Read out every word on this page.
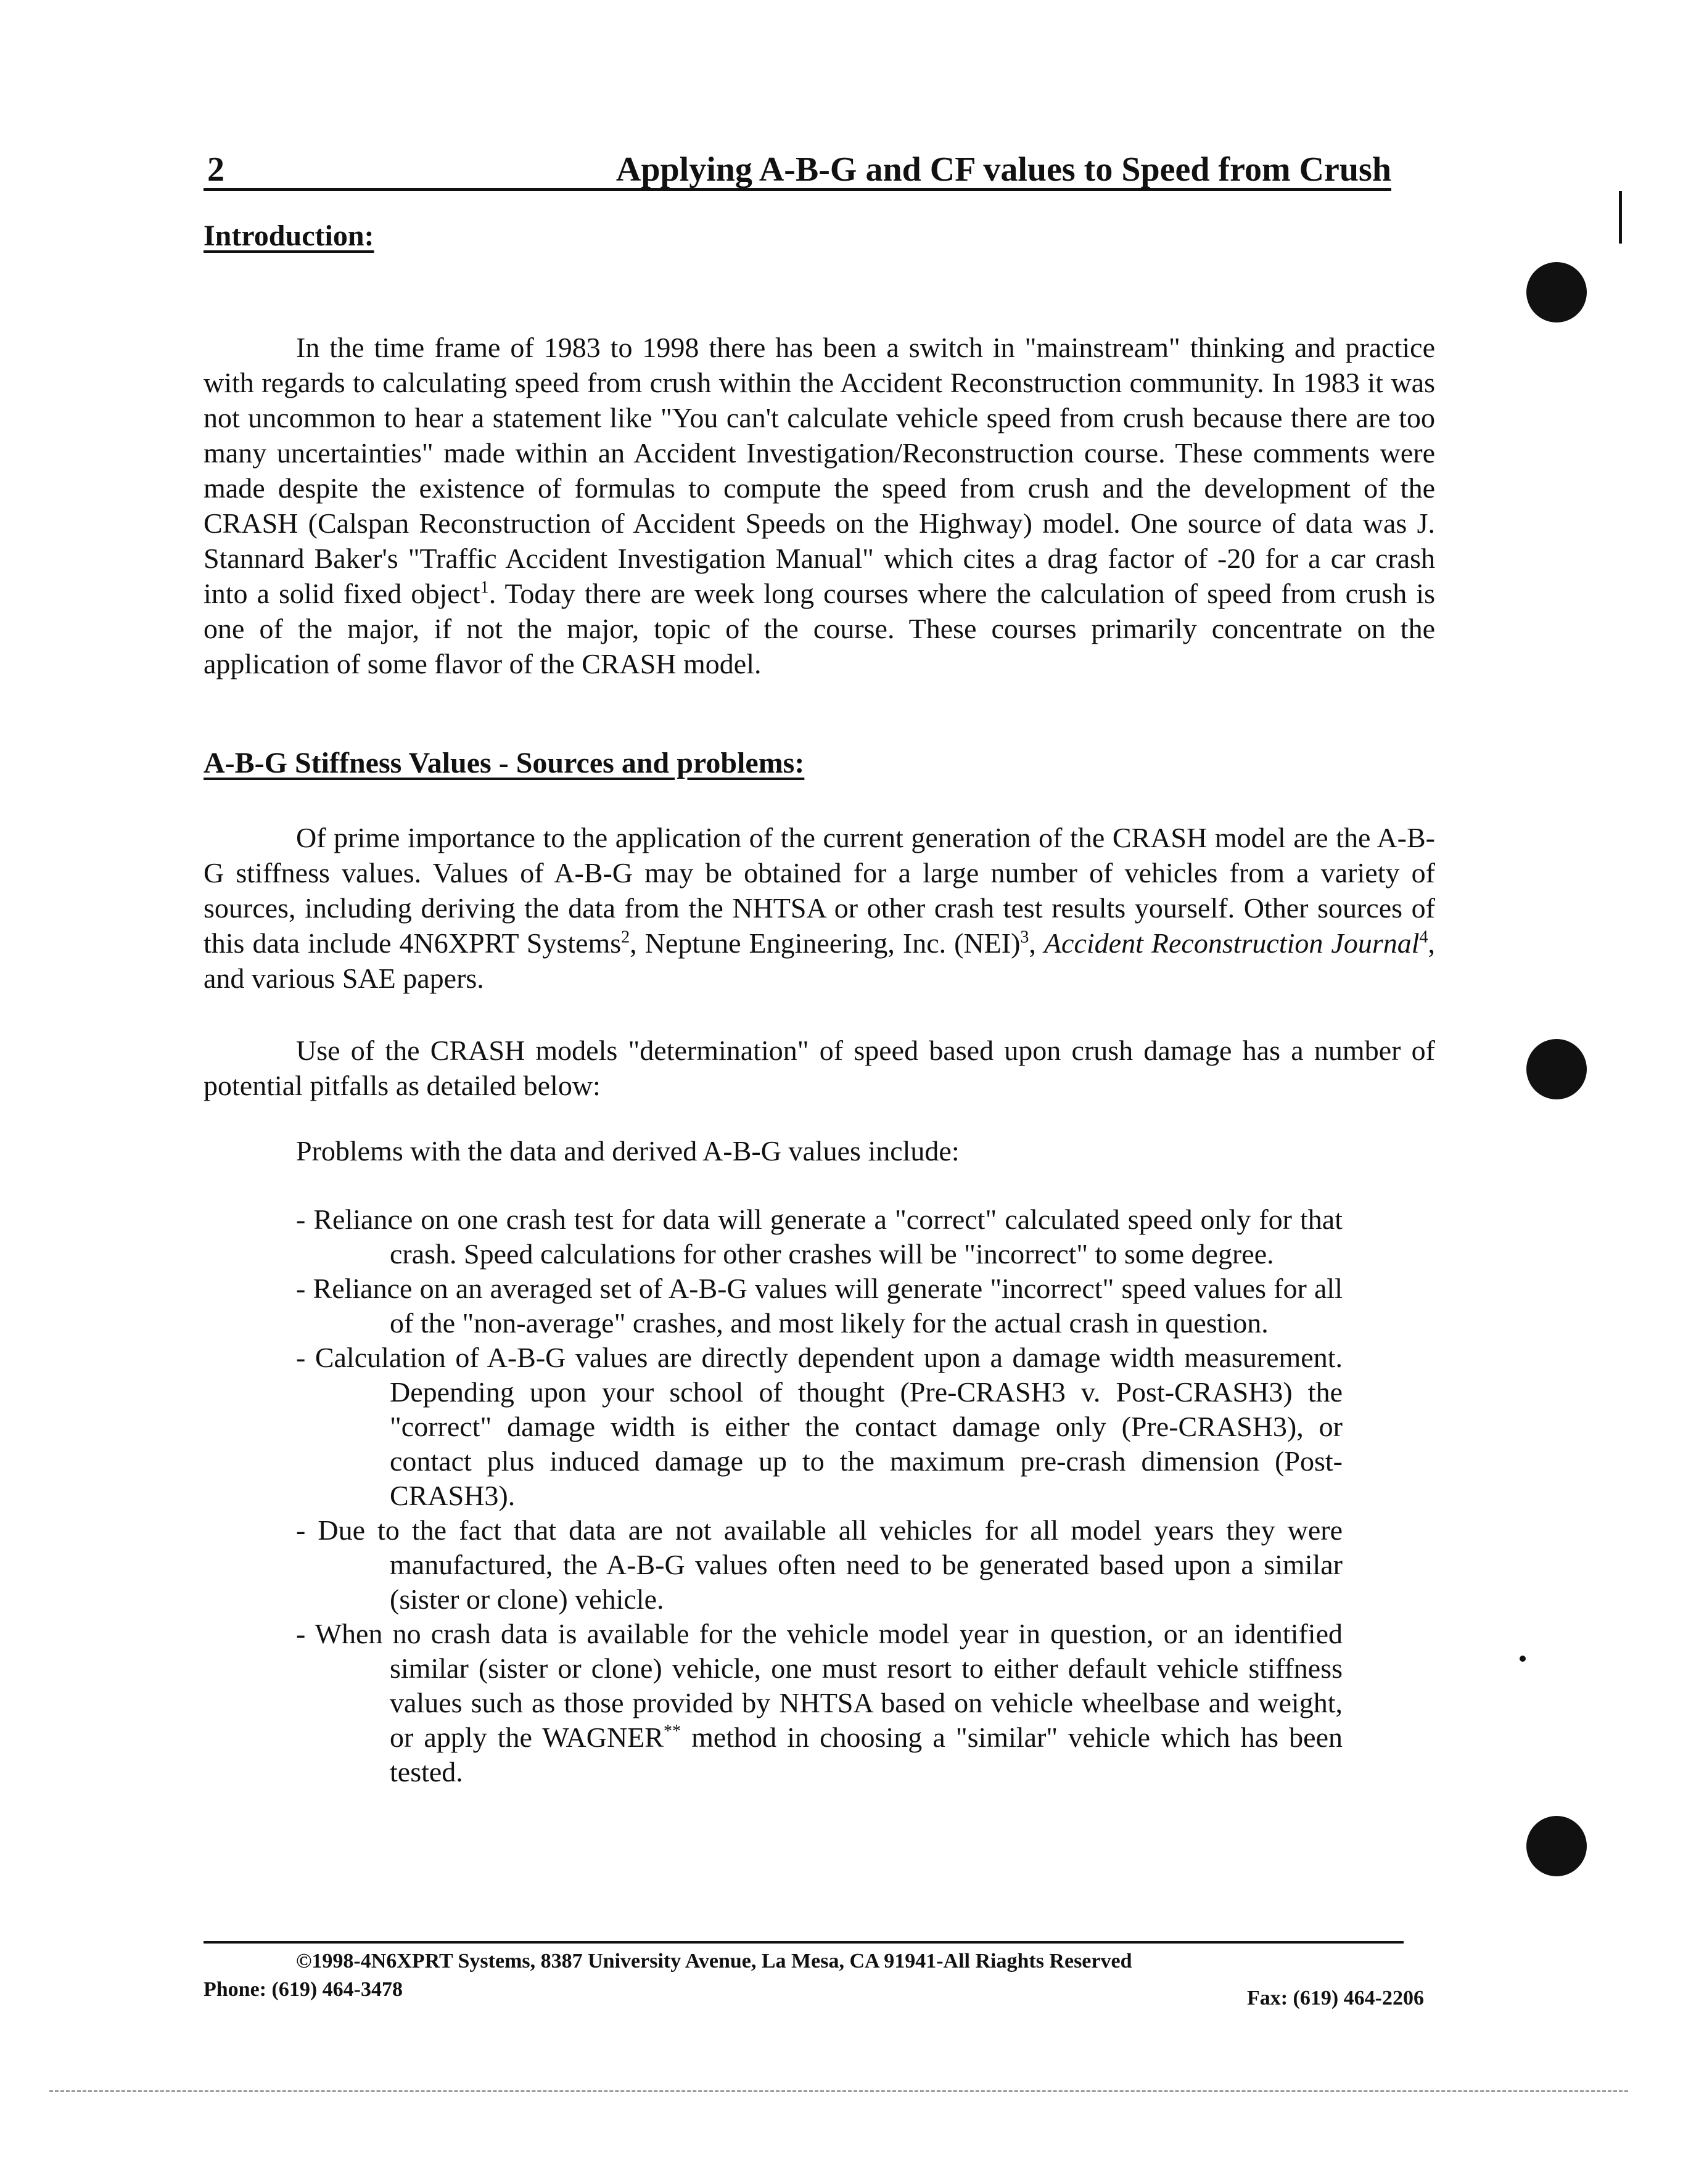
2	Applying A-B-G and CF values to Speed from Crush
Introduction:

In the time frame of 1983 to 1998 there has been a switch in "mainstream" thinking and practice with regards to calculating speed from crush within the Accident Reconstruction community. In 1983 it was not uncommon to hear a statement like "You can't calculate vehicle speed from crush because there are too many uncertainties" made within an Accident Investigation/Reconstruction course. These comments were made despite the existence of formulas to compute the speed from crush and the development of the CRASH (Calspan Reconstruction of Accident Speeds on the Highway) model. One source of data was J. Stannard Baker's "Traffic Accident Investigation Manual" which cites a drag factor of -20 for a car crash into a solid fixed object$^1$. Today there are week long courses where the calculation of speed from crush is one of the major, if not the major, topic of the course. These courses primarily concentrate on the application of some flavor of the CRASH model.

A-B-G Stiffness Values - Sources and problems:

Of prime importance to the application of the current generation of the CRASH model are the A-B-G stiffness values. Values of A-B-G may be obtained for a large number of vehicles from a variety of sources, including deriving the data from the NHTSA or other crash test results yourself. Other sources of this data include 4N6XPRT Systems$^2$, Neptune Engineering, Inc. (NEI)$^3$, Accident Reconstruction Journal$^4$, and various SAE papers.

Use of the CRASH models "determination" of speed based upon crush damage has a number of potential pitfalls as detailed below:

Problems with the data and derived A-B-G values include:

- Reliance on one crash test for data will generate a "correct" calculated speed only for that crash. Speed calculations for other crashes will be "incorrect" to some degree.
- Reliance on an averaged set of A-B-G values will generate "incorrect" speed values for all of the "non-average" crashes, and most likely for the actual crash in question.
- Calculation of A-B-G values are directly dependent upon a damage width measurement. Depending upon your school of thought (Pre-CRASH3 v. Post-CRASH3) the "correct" damage width is either the contact damage only (Pre-CRASH3), or contact plus induced damage up to the maximum pre-crash dimension (Post- CRASH3).
- Due to the fact that data are not available all vehicles for all model years they were manufactured, the A-B-G values often need to be generated based upon a similar (sister or clone) vehicle.
- When no crash data is available for the vehicle model year in question, or an identified similar (sister or clone) vehicle, one must resort to either default vehicle stiffness values such as those provided by NHTSA based on vehicle wheelbase and weight, or apply the WAGNER** method in choosing a "similar" vehicle which has been tested.
©1998-4N6XPRT Systems, 8387 University Avenue, La Mesa, CA 91941-All Riaghts Reserved
Phone: (619) 464-3478	Fax: (619) 464-2206
